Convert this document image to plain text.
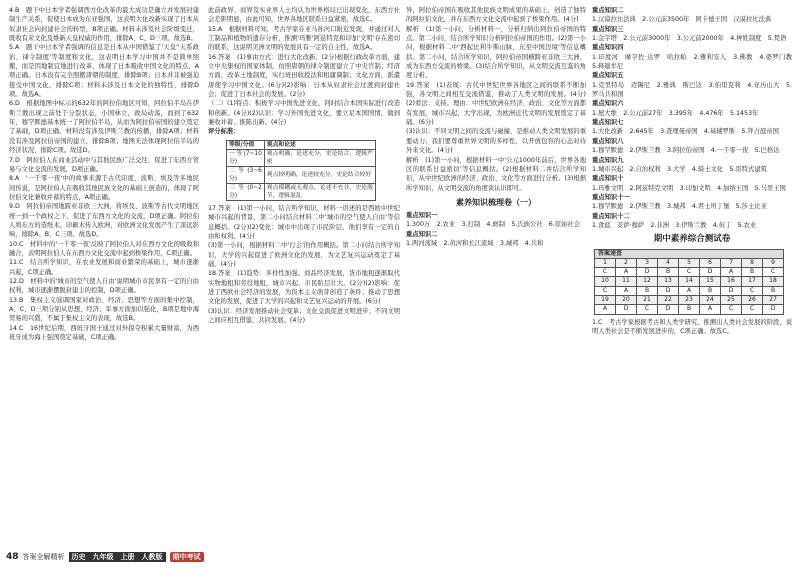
4.B　题干中日本学者强调西方化改革的最大成功是确立并发展封建制生产关系，促使日本成为东亚强国，这表明大化改新实现了日本从奴隶社会向封建社会的转型，B项正确。材料未涉及社会阶级变迁，既收有来文化及维新天皇权威的作用，排除A、C、D三项。故选B。

5.A　题干中日本学者强调的信息是日本从中国借鉴了'天皇''天系政治、律令制度'等制度和文化，这表明日本学习中国并不是简单照搬，而是因地制宜地进行改革，体现了日本吸收中国文化的特点，A项正确。日本没有完全照搬唐朝的制度，排除B项；日本并非被强迫接受中国文化，排除C项；材料未涉及日本文化的独特性，排除D项。故选A。

6.D　根据地图中标示的632年的阿拉伯地区可知，阿拉伯半岛在伊斯兰教出现之前处于分裂状态，小国林立，政局动荡，而到了632年，穆罕默德基本统一了阿拉伯半岛，从而为阿拉伯帝国的建立奠定了基础，D项正确。材料没有涉及伊斯兰教的传播，排除A项；材料没有涉及阿拉伯帝国的建立，排除B项；地图无法体现阿拉伯半岛的经济状况，排除C项。故选D。

7.D　阿拉伯人在商业活动中与其他民族广泛交往，促进了东西方贸易与文化交流的发展，D项正确。

8.A　'一千零一夜'中的故事来源于古代印度、波斯、埃及等多地民间传说，是阿拉伯人在吸收其他民族文化的基础上创造的，体现了阿拉伯文化兼收并蓄的特点，A项正确。

9.D　阿拉伯帝国地跨亚非欧三大洲，将埃及、波斯等古代文明地区统一到一个政权之下，促进了东西方文化的交流，D项正确。阿拉伯人将东方的造纸术、印刷术传入欧洲，对欧洲文化发展产生了深远影响，排除A、B、C三项。故选D。

10.C　材料中的'一千零一夜'反映了阿拉伯人对东西方文化的吸收和融合，表明阿拉伯人在东西方文化交流中起到桥梁作用，C项正确。

11.C　结合所学知识，在农业发展和商业繁荣的基础上，城市逐渐兴起，C项正确。

12.D　材料中的'城市的空气使人自由'说明城市市民享有一定的自由权利，城市逐渐摆脱封建主的控制，D项正确。

13.B　集权主义强调国家对政治、经济、思想等方面的集中控制，A、C、D三项分别从思想、经济、军事方面加以强化，B项是地中海贸易的兴盛，不属于集权主义的表现，故选B。

14.C　16世纪后期，西班牙国王通过对外掠夺积累大量财富，为西班牙成为海上强国奠定基础，C项正确。

此前政界、商界及实业界人士均认为世界格局已出现变化，东西方社会差距明显，由此可知，世界各地区联系日益紧密，故选C。

15.A　根据材料可知，考古学家在亚马孙河口附近发现，并通过对人工制品和植物的遗存分析，推测'玛雅'阿兹特克和印加'文明'存在密切的联系，这说明美洲文明的发展具有一定的自主性，故选A。

16.答案　(1)事由方式：进行大化改新。(2分)根据行政改革方面，建立中央集权的国家体制，仿照唐朝的律令制度建立了中央官制；经济方面，改革土地制度，实行班田收授法和租庸调制；文化方面，派遣唐使学习中国文化。(6分)(2)影响：日本从奴隶社会过渡到封建社会；促进了日本社会的发展。(2分)

（二）(1)特点：积极学习中国先进文化，同时结合本国实际进行改造和创新。(4分)(2)认识：学习外国先进文化，要立足本国国情，做到兼收并蓄、推陈出新。(4分)

评分标准：

等级/分值	观点和论述
一等(7~10分)	观点明确，论述充分，史论结合，逻辑严密
二等(3~6分)	观点较明确，论述较充分，史论结合较好
三等(0~2分)	观点模糊或无观点，论述不充分，史论脱节，逻辑混乱

17.答案　(1)第一小问，结合所学知识，材料一讲述的是西欧中世纪城市兴起的背景，第二小问结合材料二中'城市的空气使人自由'等信息概括。(2分)(2)变化：城市中出现了市民阶层，他们享有一定的自由和权利。(4分)

(3)第一小问，根据材料二中'行会'的作用概括。第二小问结合所学知识，大学的兴起促进了欧洲文化的发展，为文艺复兴运动奠定了基础。(4分)

18.答案　(1)趋势：多样性加强。商品经济发展，货币地租逐渐取代实物地租和劳役地租，城市兴起，市民阶层壮大。(2分)(2)影响：促进了西欧社会经济的发展，为资本主义萌芽创造了条件；推动了思想文化的发展，促进了大学的兴起和文艺复兴运动的开展。(6分)

(3)认识：经济发展推动社会变革；文化交流促进文明进步；不同文明之间应相互借鉴，共同发展。(4分)

异，阿拉伯帝国在吸收其他民族文明成果的基础上，创造了独特的阿拉伯文化，并在东西方文化交流中起到了桥梁作用。(4分)

解析　(1)第一小问，分析材料一，分析归纳出阿拉伯帝国的特点。第二小问，结合所学知识分析阿拉伯帝国的作用。(2)第一小问，根据材料二中'西起比利牛斯山脉，东至中国边境'等信息概括。第二小问，结合所学知识，阿拉伯帝国横跨亚非欧三大洲，成为东西方交流的桥梁。(3)结合所学知识，从文明交流互鉴的角度分析。

19.答案　(1)表现：古代中世纪世界各地区之间的联系不断加强，各文明之间相互交流借鉴，推动了人类文明的发展。(4分)(2)看法：支持。理由：中世纪欧洲在经济、政治、文化等方面都有发展，城市兴起，大学出现，为欧洲近代文明的发展奠定了基础。(6分)

(3)认识：不同文明之间的交流与碰撞，是推动人类文明发展的重要动力；我们要尊重世界文明的多样性，以开放包容的心态对待外来文化。(4分)

解析　(1)第一小问，根据材料一中'公元1000年前后，世界各地区的联系日益密切'等信息概括。(2)根据材料二并结合所学知识，从中世纪欧洲的经济、政治、文化等方面进行分析。(3)根据所学知识，从文明交流的角度谈认识即可。

素养知识梳理卷（一）

重点知识一

1.300万　2.农业　3.打制　4.磨制　5.氏族公社　6.原始社会

重点知识二

1.两河流域　2.黄河和长江流域　3.城邦　4.共和

重点知识二

1.汉谟拉比法典　2.公元前3500年　阿卡德王国　汉谟拉比法典

重点知识三

1.金字塔　2.公元前3000年　3.公元前2000年　4.种姓制度　5.梵语

重点知识四

1.印度河　摩亨佐·达罗　哈拉帕　2.雅利安人　3.佛教　4.婆罗门教　5.释迦牟尼

重点知识五

1.克里特岛　迈锡尼　2.雅典　斯巴达　3.伯里克利　4.亚历山大　5.罗马共和国

重点知识六

1.屋大维　2.公元前27年　3.395年　4.476年　5.1453年

重点知识七

1.大化改新　2.645年　3.查理曼帝国　4.基辅罗斯　5.拜占庭帝国

重点知识八

1.穆罕默德　2.伊斯兰教　3.阿拉伯帝国　4.一千零一夜　5.巴格达

重点知识九

1.城市兴起　2.自治权利　3.大学　4.骑士文化　5.哥特式建筑

重点知识十

1.玛雅文明　2.阿兹特克文明　3.印加文明　4.加纳王国　5.马里王国

重点知识十一

1.穆罕默德　2.伊斯兰教　3.城邦　4.君士坦丁堡　5.莎士比亚

重点知识十二

1.食盐　麦萨·穆萨　2.非洲　3.伊斯兰教　4.但丁　5.农业

期中素养综合测试卷
答案速查								
1	2	3	4	5	6	7	8	9
C	A	D	B	C	D	A	B	C
10	11	12	13	14	15	16	17	18
C	A	B	D	A	B	D	C	B
19	20	21	22	23	24	25	26	27
A	D	C	D	B	A	C	C	D

1.C　考古学家根据考古和人类学研究，推测出人类社会发展的阶段，说明人类社会是不断发展进步的，C项正确。故选C。

48 答案全解精析	历史　九年级　上册　人教版	期中考试
